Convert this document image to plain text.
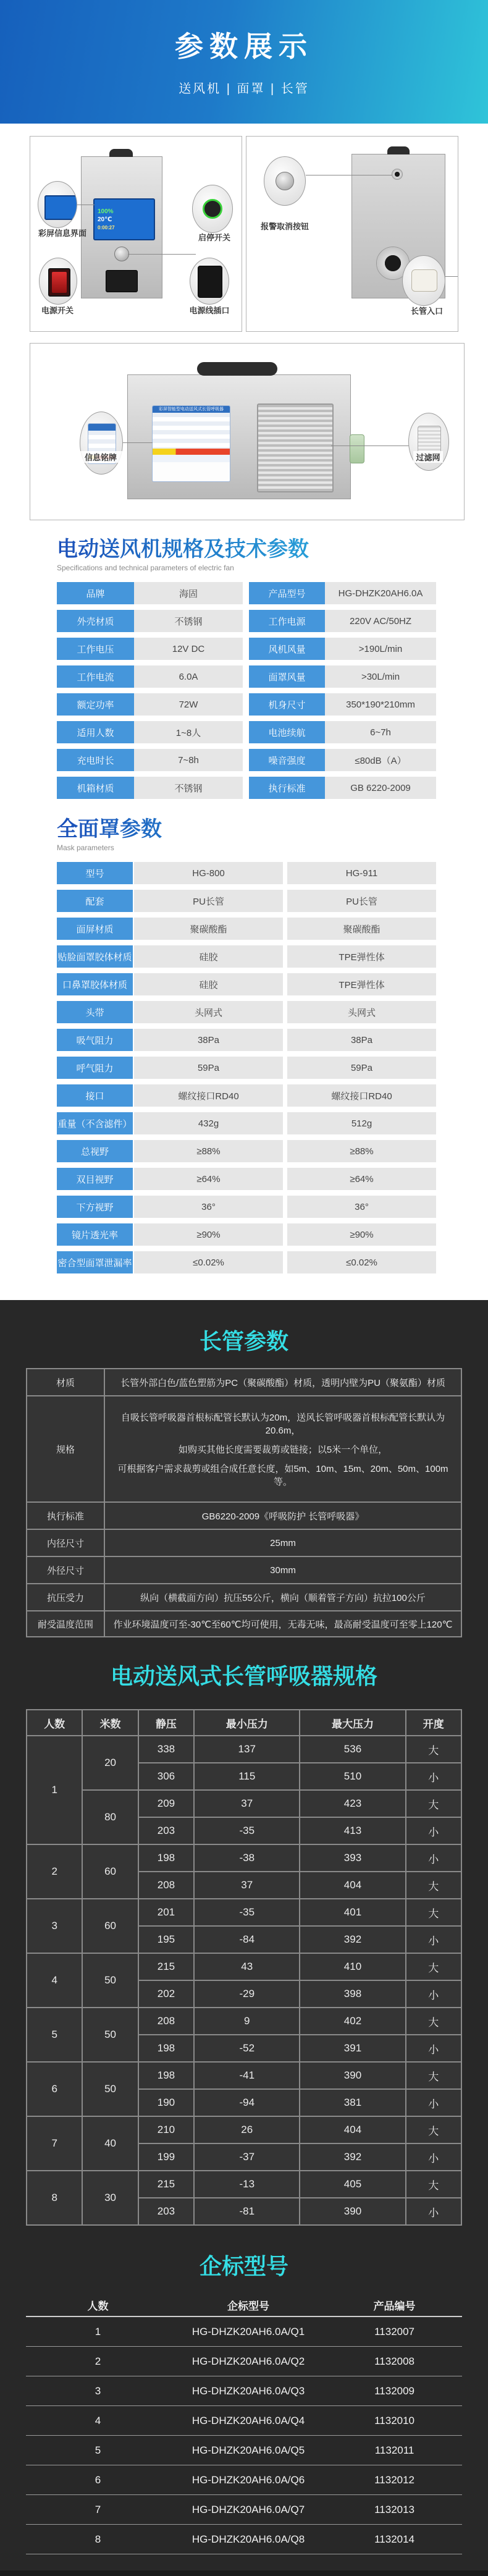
参数展示
送风机 | 面罩 | 长管
100%
20℃
0:00:27
彩屏信息界面	启停开关
电源开关	电源线插口
报警取消按钮
长管入口
彩屏智能型电动送风式长管呼吸器
信息铭牌	过滤网
电动送风机规格及技术参数
Specifications and technical parameters of electric fan
品牌	海固	产品型号	HG-DHZK20AH6.0A
外壳材质	不锈钢	工作电源	220V AC/50HZ
工作电压	12V DC	风机风量	>190L/min
工作电流	6.0A	面罩风量	>30L/min
额定功率	72W	机身尺寸	350*190*210mm
适用人数	1~8人	电池续航	6~7h
充电时长	7~8h	噪音强度	≤80dB（A）
机箱材质	不锈钢	执行标准	GB 6220-2009
全面罩参数
Mask parameters
型号	HG-800	HG-911
配套	PU长管	PU长管
面屏材质	聚碳酸酯	聚碳酸酯
贴脸面罩胶体材质	硅胶	TPE弹性体
口鼻罩胶体材质	硅胶	TPE弹性体
头带	头网式	头网式
吸气阻力	38Pa	38Pa
呼气阻力	59Pa	59Pa
接口	螺纹接口RD40	螺纹接口RD40
重量（不含滤件）	432g	512g
总视野	≥88%	≥88%
双目视野	≥64%	≥64%
下方视野	36°	36°
镜片透光率	≥90%	≥90%
密合型面罩泄漏率	≤0.02%	≤0.02%
长管参数
材质	长管外部白色/蓝色塑筋为PC（聚碳酸酯）材质，透明内壁为PU（聚氨酯）材质

规格	自吸长管呼吸器首根标配管长默认为20m，送风长管呼吸器首根标配管长默认为20.6m，
如购买其他长度需要裁剪或链接；以5米一个单位，
可根据客户需求裁剪或组合成任意长度，如5m、10m、15m、20m、50m、100m等。

执行标准	GB6220-2009《呼吸防护 长管呼吸器》

内径尺寸	25mm

外径尺寸	30mm

抗压受力	纵向（横截面方向）抗压55公斤，横向（顺着管子方向）抗拉100公斤

耐受温度范围	作业环境温度可至-30℃至60℃均可使用，无毒无味，最高耐受温度可至零上120℃
电动送风式长管呼吸器规格
人数	米数	静压	最小压力	最大压力	开度
1	20	338	137	536	大
		306	115	510	小
	80	209	37	423	大
		203	-35	413	小
2	60	198	-38	393	小
		208	37	404	大
3	60	201	-35	401	大
		195	-84	392	小
4	50	215	43	410	大
		202	-29	398	小
5	50	208	9	402	大
		198	-52	391	小
6	50	198	-41	390	大
		190	-94	381	小
7	40	210	26	404	大
		199	-37	392	小
8	30	215	-13	405	大
		203	-81	390	小
企标型号
人数	企标型号	产品编号
1	HG-DHZK20AH6.0A/Q1	1132007
2	HG-DHZK20AH6.0A/Q2	1132008
3	HG-DHZK20AH6.0A/Q3	1132009
4	HG-DHZK20AH6.0A/Q4	1132010
5	HG-DHZK20AH6.0A/Q5	1132011
6	HG-DHZK20AH6.0A/Q6	1132012
7	HG-DHZK20AH6.0A/Q7	1132013
8	HG-DHZK20AH6.0A/Q8	1132014
